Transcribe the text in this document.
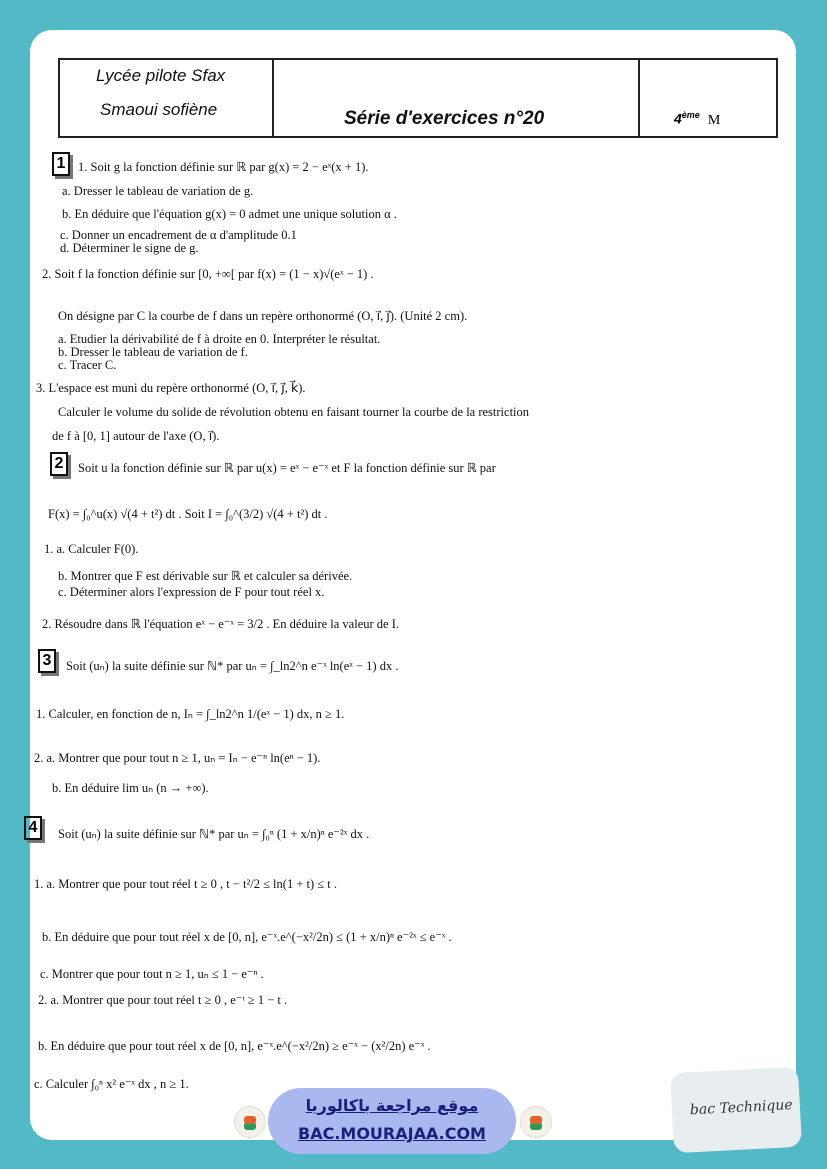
Lycée pilote Sfax
Smaoui sofiène	Série d'exercices n°20	4ème M
1	1. Soit g la fonction définie sur ℝ par g(x) = 2 − eˣ(x + 1).
a. Dresser le tableau de variation de g.
b. En déduire que l'équation g(x) = 0 admet une unique solution α .
c. Donner un encadrement de α d'amplitude 0.1
d. Déterminer le signe de g.
2. Soit f la fonction définie sur [0, +∞[ par f(x) = (1 − x)√(eˣ − 1) .
On désigne par C la courbe de f dans un repère orthonormé (O, i⃗, j⃗). (Unité 2 cm).
a. Etudier la dérivabilité de f à droite en 0. Interpréter le résultat.
b. Dresser le tableau de variation de f.
c. Tracer C.
3. L'espace est muni du repère orthonormé (O, i⃗, j⃗, k⃗).
Calculer le volume du solide de révolution obtenu en faisant tourner la courbe de la restriction
de f à [0, 1] autour de l'axe (O, i⃗).
2	Soit u la fonction définie sur ℝ par u(x) = eˣ − e⁻ˣ et F la fonction définie sur ℝ par
F(x) = ∫₀^u(x) √(4 + t²) dt . Soit I = ∫₀^(3/2) √(4 + t²) dt .
1. a. Calculer F(0).
b. Montrer que F est dérivable sur ℝ et calculer sa dérivée.
c. Déterminer alors l'expression de F pour tout réel x.
2. Résoudre dans ℝ l'équation eˣ − e⁻ˣ = 3/2 . En déduire la valeur de I.
3	Soit (uₙ) la suite définie sur ℕ* par uₙ = ∫_ln2^n e⁻ˣ ln(eˣ − 1) dx .
1. Calculer, en fonction de n, Iₙ = ∫_ln2^n 1/(eˣ − 1) dx, n ≥ 1.
2. a. Montrer que pour tout n ≥ 1, uₙ = Iₙ − e⁻ⁿ ln(eⁿ − 1).
b. En déduire lim uₙ (n → +∞).
4	Soit (uₙ) la suite définie sur ℕ* par uₙ = ∫₀ⁿ (1 + x/n)ⁿ e⁻²ˣ dx .
1. a. Montrer que pour tout réel t ≥ 0 , t − t²/2 ≤ ln(1 + t) ≤ t .
b. En déduire que pour tout réel x de [0, n], e⁻ˣ.e^(−x²/2n) ≤ (1 + x/n)ⁿ e⁻²ˣ ≤ e⁻ˣ .
c. Montrer que pour tout n ≥ 1, uₙ ≤ 1 − e⁻ⁿ .
2. a. Montrer que pour tout réel t ≥ 0 , e⁻ᵗ ≥ 1 − t .
b. En déduire que pour tout réel x de [0, n], e⁻ˣ.e^(−x²/2n) ≥ e⁻ˣ − (x²/2n) e⁻ˣ .
c. Calculer ∫₀ⁿ x² e⁻ˣ dx , n ≥ 1.
موقع مراجعة باكالوريا
BAC.MOURAJAA.COM
bac Technique
